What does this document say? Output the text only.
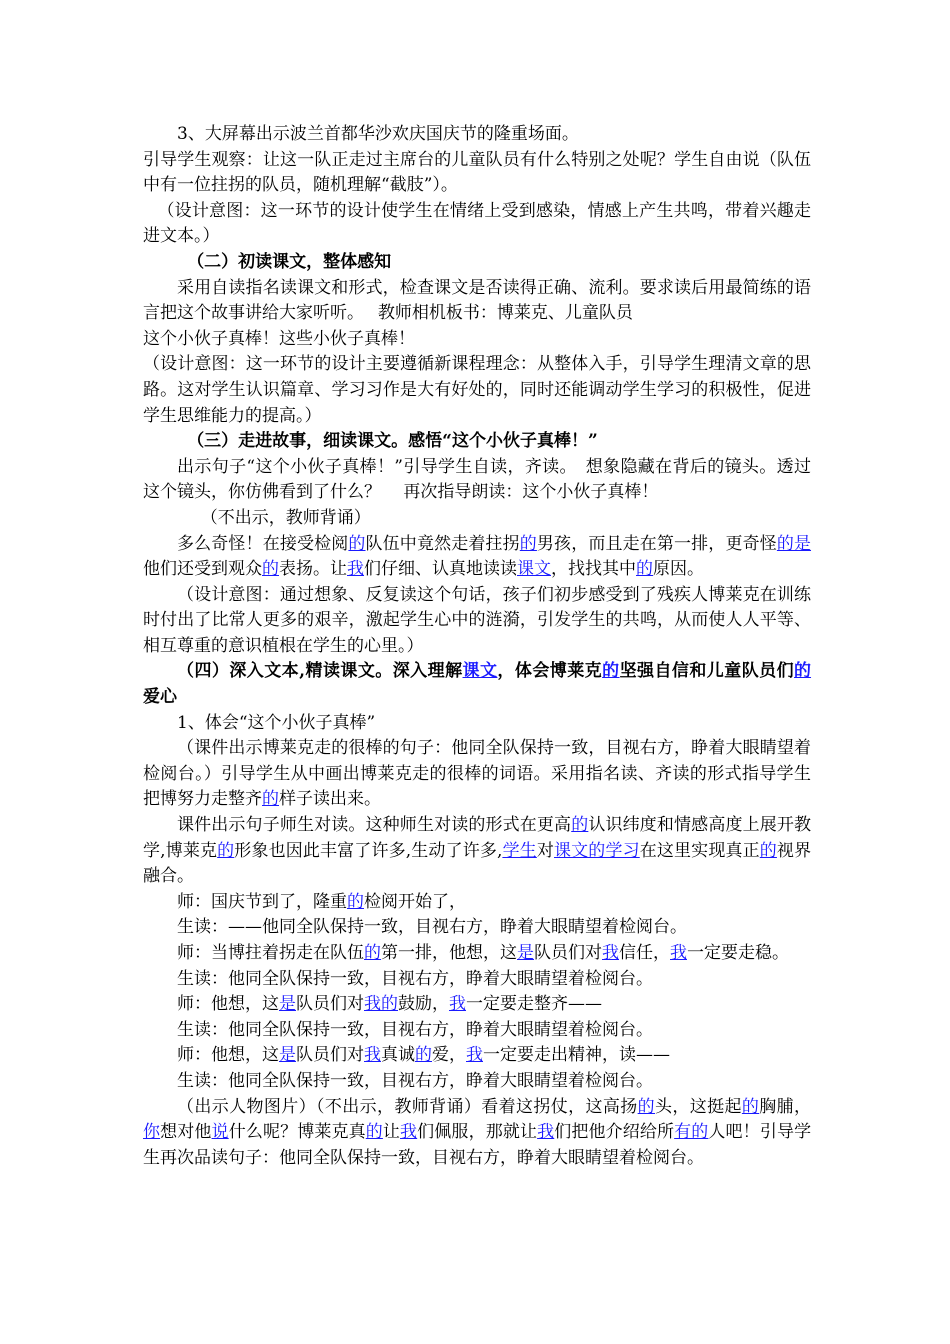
3、大屏幕出示波兰首都华沙欢庆国庆节的隆重场面。

引导学生观察：让这一队正走过主席台的儿童队员有什么特别之处呢？学生自由说（队伍中有一位拄拐的队员，随机理解“截肢”）。

（设计意图：这一环节的设计使学生在情绪上受到感染，情感上产生共鸣，带着兴趣走进文本。）

（二）初读课文，整体感知

采用自读指名读课文和形式，检查课文是否读得正确、流利。要求读后用最简练的语言把这个故事讲给大家听听。　 教师相机板书：博莱克、儿童队员

这个小伙子真棒！这些小伙子真棒！

（设计意图：这一环节的设计主要遵循新课程理念：从整体入手，引导学生理清文章的思路。这对学生认识篇章、学习习作是大有好处的，同时还能调动学生学习的积极性，促进学生思维能力的提高。）

（三）走进故事，细读课文。感悟“这个小伙子真棒！”

出示句子“这个小伙子真棒！”引导学生自读，齐读。　想象隐藏在背后的镜头。透过这个镜头，你仿佛看到了什么？　 再次指导朗读：这个小伙子真棒！

（不出示，教师背诵）

多么奇怪！在接受检阅的队伍中竟然走着拄拐的男孩，而且走在第一排，更奇怪的是他们还受到观众的表扬。让我们仔细、认真地读读课文，找找其中的原因。

（设计意图：通过想象、反复读这个句话，孩子们初步感受到了残疾人博莱克在训练时付出了比常人更多的艰辛，激起学生心中的涟漪，引发学生的共鸣，从而使人人平等、相互尊重的意识植根在学生的心里。）

（四）深入文本,精读课文。深入理解课文，体会博莱克的坚强自信和儿童队员们的爱心

1、体会“这个小伙子真棒”

（课件出示博莱克走的很棒的句子：他同全队保持一致，目视右方，睁着大眼睛望着检阅台。）引导学生从中画出博莱克走的很棒的词语。采用指名读、齐读的形式指导学生把博努力走整齐的样子读出来。

课件出示句子师生对读。这种师生对读的形式在更高的认识纬度和情感高度上展开教学,博莱克的形象也因此丰富了许多,生动了许多,学生对课文的学习在这里实现真正的视界融合。

师：国庆节到了，隆重的检阅开始了，

生读：——他同全队保持一致，目视右方，睁着大眼睛望着检阅台。

师：当博拄着拐走在队伍的第一排，他想，这是队员们对我信任，我一定要走稳。

生读：他同全队保持一致，目视右方，睁着大眼睛望着检阅台。

师：他想，这是队员们对我的鼓励，我一定要走整齐——

生读：他同全队保持一致，目视右方，睁着大眼睛望着检阅台。

师：他想，这是队员们对我真诚的爱，我一定要走出精神，读——

生读：他同全队保持一致，目视右方，睁着大眼睛望着检阅台。

（出示人物图片）（不出示，教师背诵）看着这拐仗，这高扬的头，这挺起的胸脯，你想对他说什么呢？博莱克真的让我们佩服，那就让我们把他介绍给所有的人吧！引导学生再次品读句子：他同全队保持一致，目视右方，睁着大眼睛望着检阅台。
